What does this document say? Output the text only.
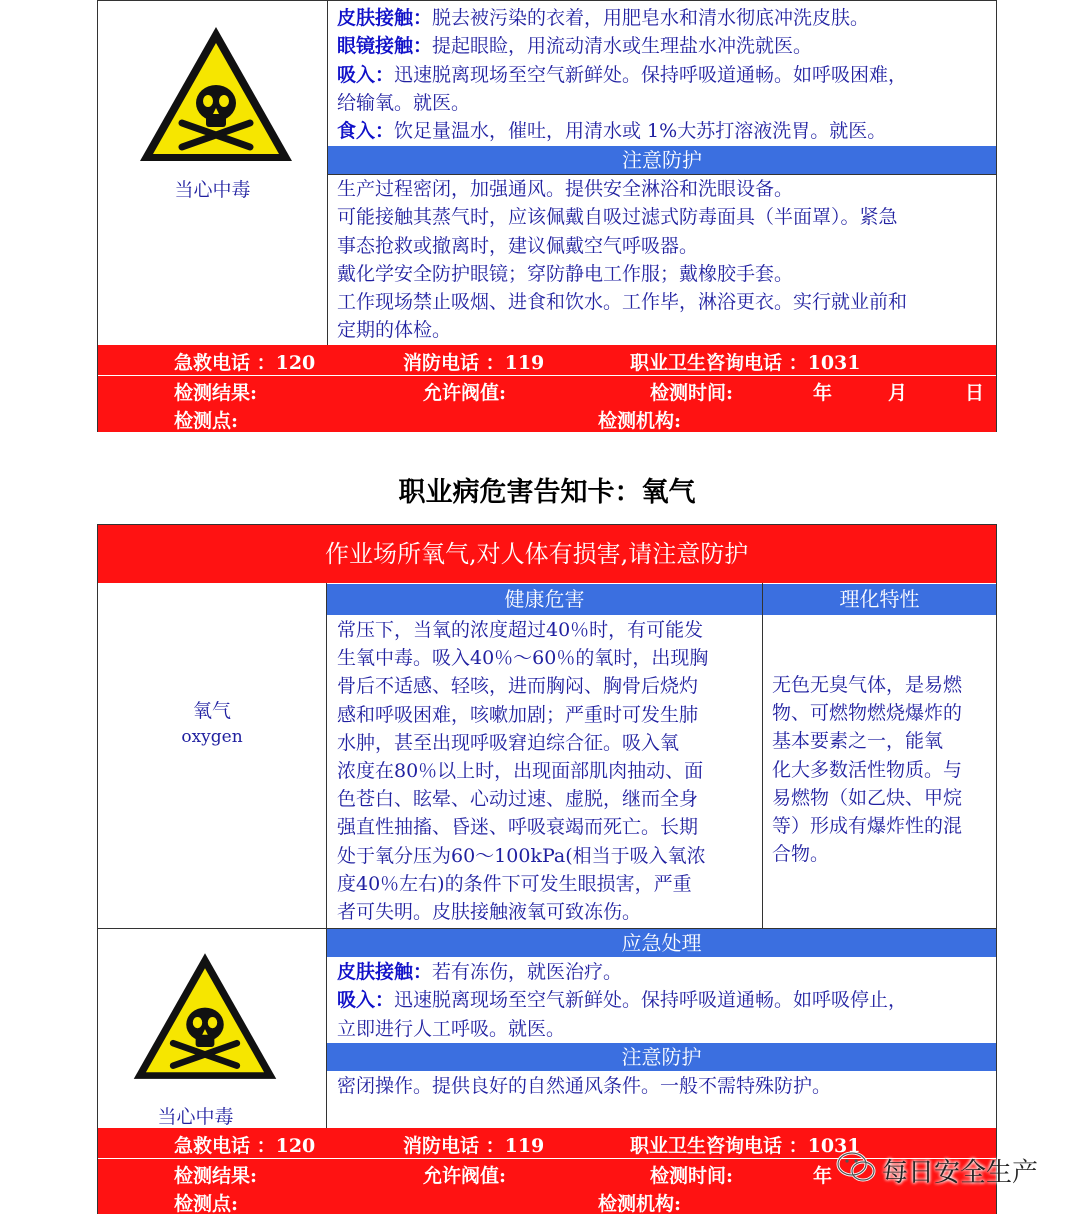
当心中毒
皮肤接触：脱去被污染的衣着，用肥皂水和清水彻底冲洗皮肤。
眼镜接触：提起眼睑，用流动清水或生理盐水冲洗就医。
吸入：迅速脱离现场至空气新鲜处。保持呼吸道通畅。如呼吸困难，
给输氧。就医。
食入：饮足量温水，催吐，用清水或 1%大苏打溶液洗胃。就医。
注意防护
生产过程密闭，加强通风。提供安全淋浴和洗眼设备。
可能接触其蒸气时，应该佩戴自吸过滤式防毒面具（半面罩）。紧急
事态抢救或撤离时，建议佩戴空气呼吸器。
戴化学安全防护眼镜；穿防静电工作服；戴橡胶手套。
工作现场禁止吸烟、进食和饮水。工作毕，淋浴更衣。实行就业前和
定期的体检。
急救电话 ：120	消防电话 ：119	职业卫生咨询电话 ：1031
检测结果:	允许阀值:	检测时间:	年	月	日
检测点:	检测机构:
职业病危害告知卡：氧气
作业场所氧气,对人体有损害,请注意防护
健康危害	理化特性
氧气
oxygen
常压下，当氧的浓度超过40％时，有可能发
生氧中毒。吸入40％～60％的氧时，出现胸
骨后不适感、轻咳，进而胸闷、胸骨后烧灼
感和呼吸困难，咳嗽加剧；严重时可发生肺
水肿，甚至出现呼吸窘迫综合征。吸入氧
浓度在80％以上时，出现面部肌肉抽动、面
色苍白、眩晕、心动过速、虚脱，继而全身
强直性抽搐、昏迷、呼吸衰竭而死亡。长期
处于氧分压为60～100kPa(相当于吸入氧浓
度40％左右)的条件下可发生眼损害，严重
者可失明。皮肤接触液氧可致冻伤。
无色无臭气体，是易燃
物、可燃物燃烧爆炸的
基本要素之一，能氧
化大多数活性物质。与
易燃物（如乙炔、甲烷
等）形成有爆炸性的混
合物。
当心中毒
应急处理
皮肤接触：若有冻伤，就医治疗。
吸入：迅速脱离现场至空气新鲜处。保持呼吸道通畅。如呼吸停止，
立即进行人工呼吸。就医。
注意防护
密闭操作。提供良好的自然通风条件。一般不需特殊防护。
急救电话 ：120	消防电话 ：119	职业卫生咨询电话 ：1031
检测结果:	允许阀值:	检测时间:	年
检测点:	检测机构:
每日安全生产
